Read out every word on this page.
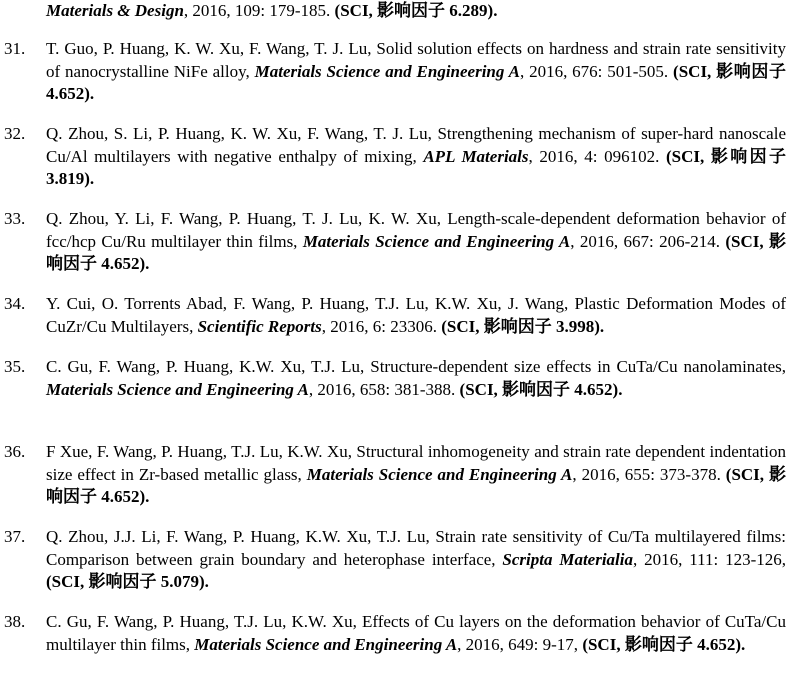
Materials & Design, 2016, 109: 179-185. (SCI, 影响因子 6.289).
31.	T. Guo, P. Huang, K. W. Xu, F. Wang, T. J. Lu, Solid solution effects on hardness and strain rate sensitivity of nanocrystalline NiFe alloy, Materials Science and Engineering A, 2016, 676: 501-505. (SCI, 影响因子 4.652).
32.	Q. Zhou, S. Li, P. Huang, K. W. Xu, F. Wang, T. J. Lu, Strengthening mechanism of super-hard nanoscale Cu/Al multilayers with negative enthalpy of mixing, APL Materials, 2016, 4: 096102. (SCI, 影响因子 3.819).
33.	Q. Zhou, Y. Li, F. Wang, P. Huang, T. J. Lu, K. W. Xu, Length-scale-dependent deformation behavior of fcc/hcp Cu/Ru multilayer thin films, Materials Science and Engineering A, 2016, 667: 206-214. (SCI, 影响因子 4.652).
34.	Y. Cui, O. Torrents Abad, F. Wang, P. Huang, T.J. Lu, K.W. Xu, J. Wang, Plastic Deformation Modes of CuZr/Cu Multilayers, Scientific Reports, 2016, 6: 23306. (SCI, 影响因子 3.998).
35.	C. Gu, F. Wang, P. Huang, K.W. Xu, T.J. Lu, Structure-dependent size effects in CuTa/Cu nanolaminates, Materials Science and Engineering A, 2016, 658: 381-388. (SCI, 影响因子 4.652).
36.	F Xue, F. Wang, P. Huang, T.J. Lu, K.W. Xu, Structural inhomogeneity and strain rate dependent indentation size effect in Zr-based metallic glass, Materials Science and Engineering A, 2016, 655: 373-378. (SCI, 影响因子 4.652).
37.	Q. Zhou, J.J. Li, F. Wang, P. Huang, K.W. Xu, T.J. Lu, Strain rate sensitivity of Cu/Ta multilayered films: Comparison between grain boundary and heterophase interface, Scripta Materialia, 2016, 111: 123-126, (SCI, 影响因子 5.079).
38.	C. Gu, F. Wang, P. Huang, T.J. Lu, K.W. Xu, Effects of Cu layers on the deformation behavior of CuTa/Cu multilayer thin films, Materials Science and Engineering A, 2016, 649: 9-17, (SCI, 影响因子 4.652).
